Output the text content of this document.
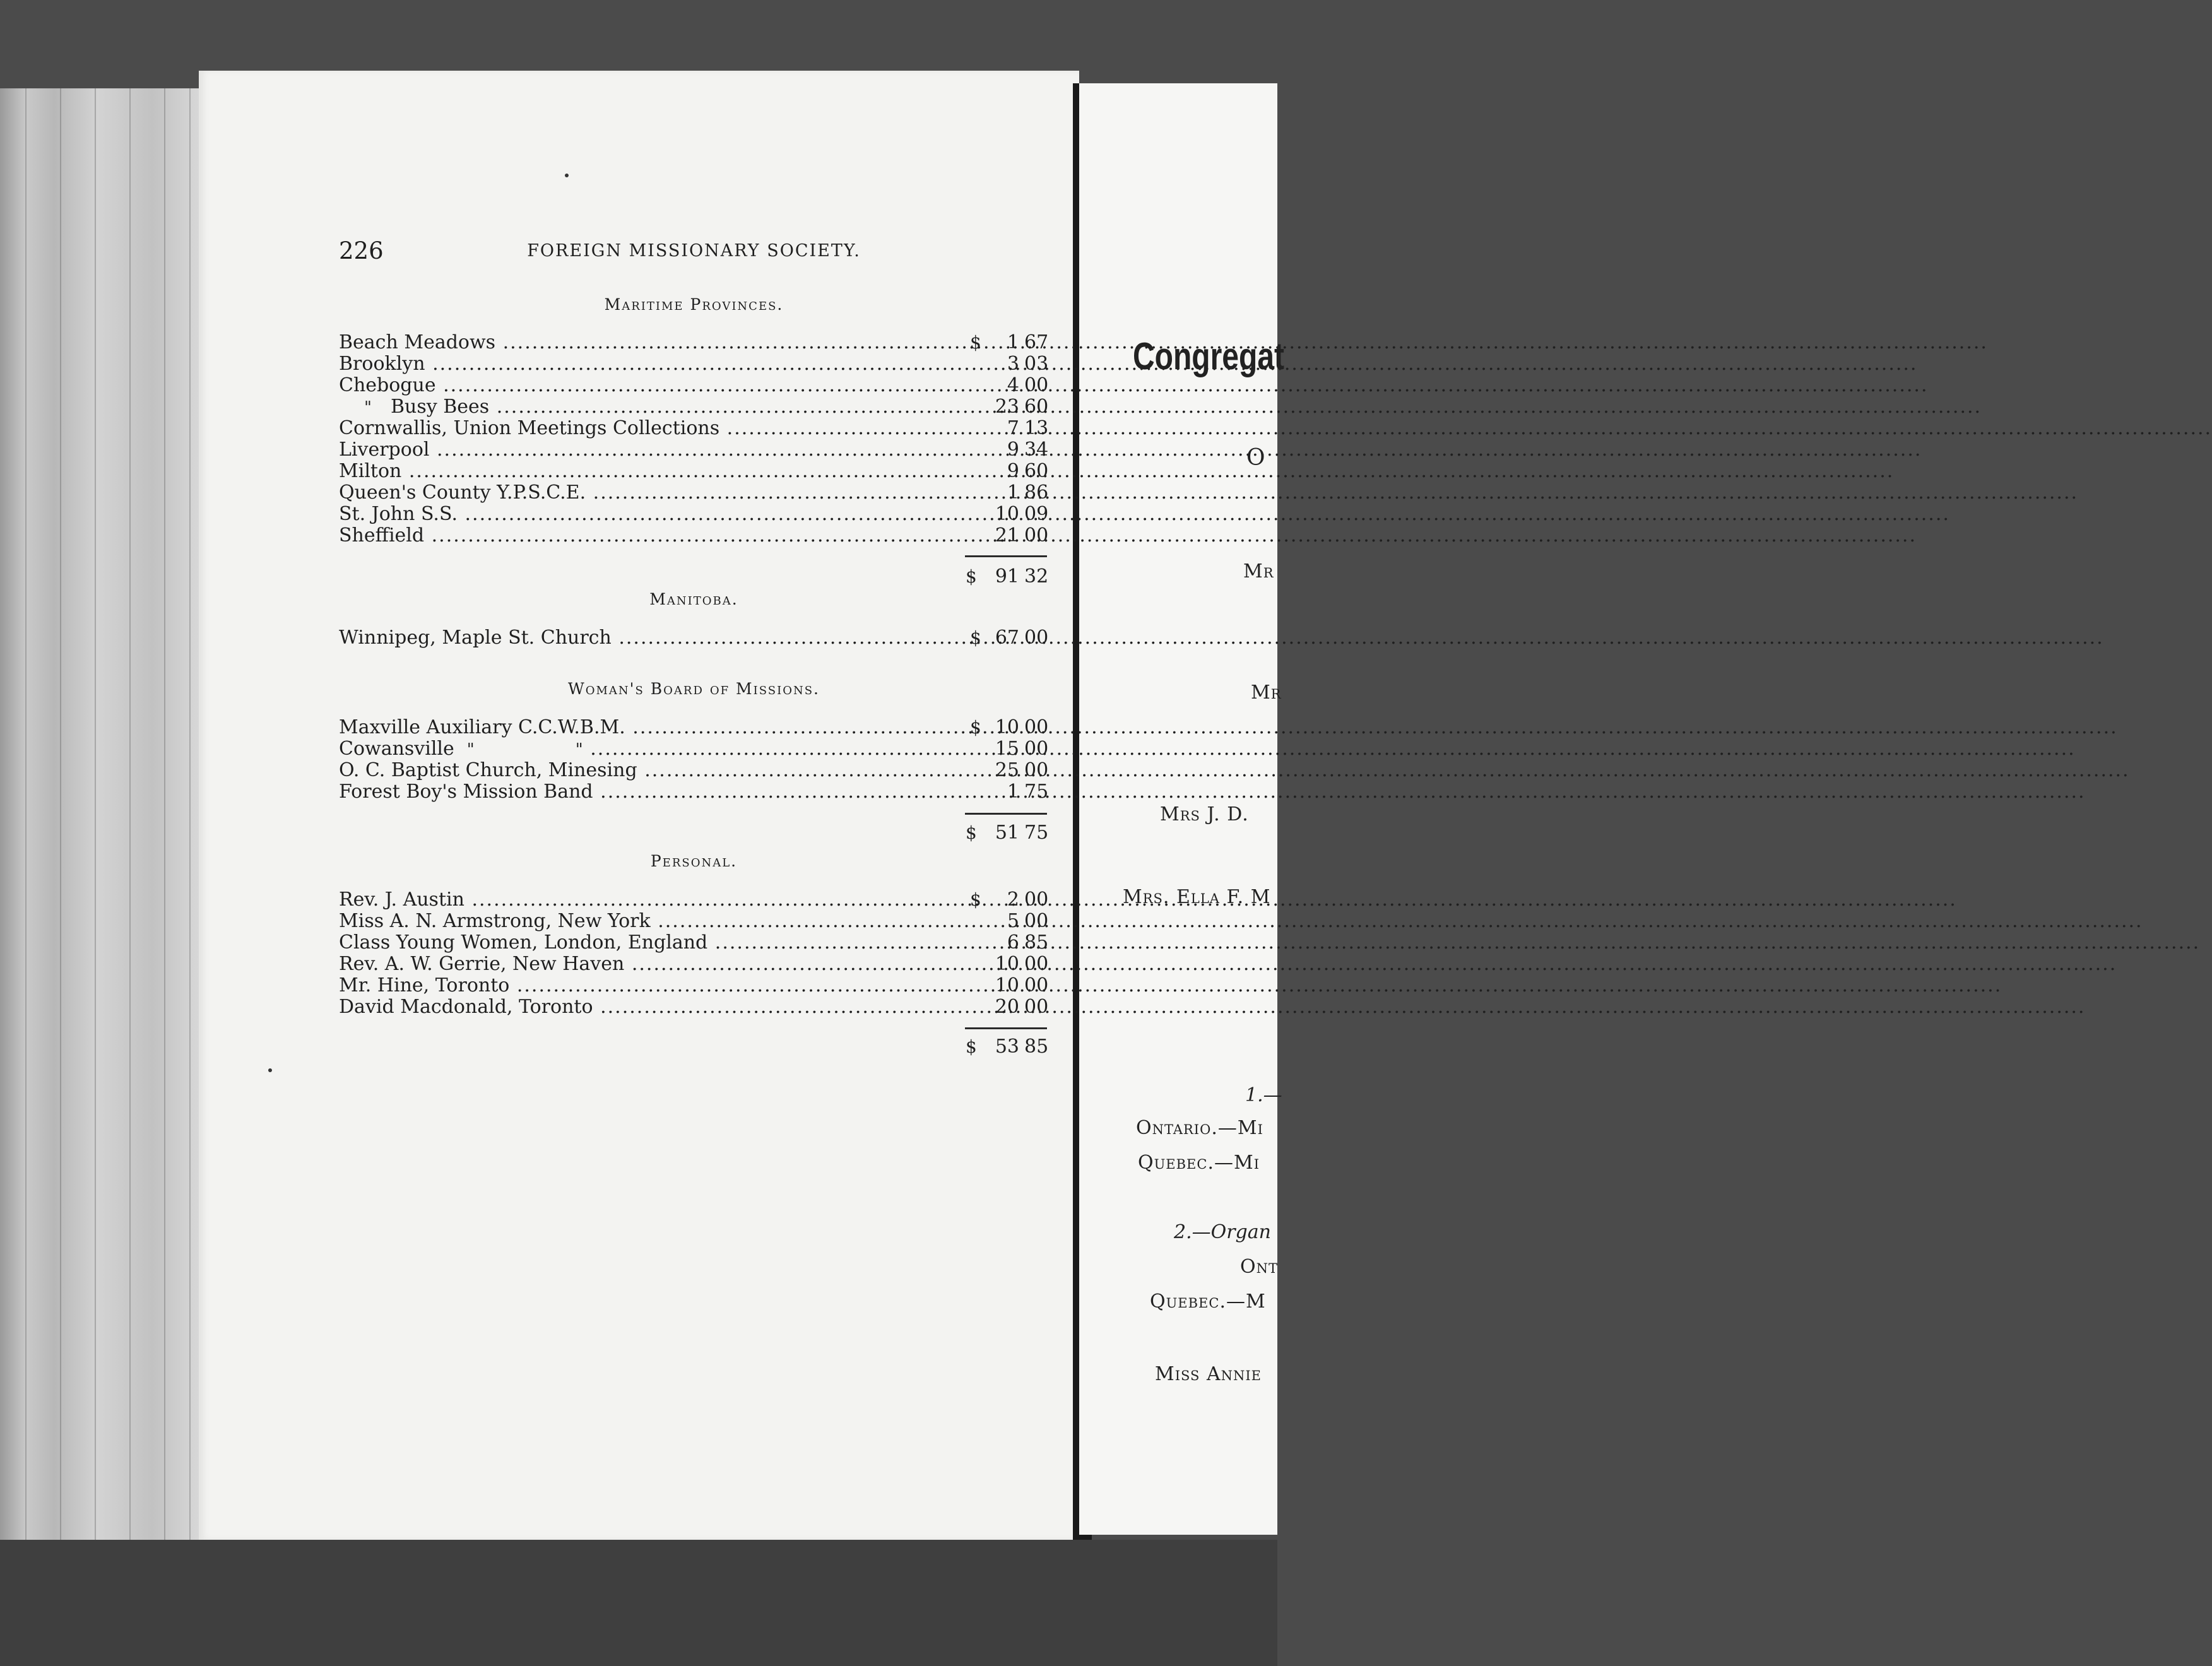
226	FOREIGN MISSIONARY SOCIETY.
Maritime Provinces.
Beach Meadows .....	$	1 67
Brooklyn .....	3 03
Chebogue .....	4 00
" Busy Bees .....	23 60
Cornwallis, Union Meetings Collections .....	7 13
Liverpool .....	9 34
Milton .....	9 60
Queen's County Y.P.S.C.E. .....	1 86
St. John S.S. .....	10 09
Sheffield .....	21 00
$ 91 32
Manitoba.
Winnipeg, Maple St. Church .....	$ 67 00
Woman's Board of Missions.
Maxville Auxiliary C.C.W.B.M. .....	$ 10 00
Cowansville "	" .....	15 00
O. C. Baptist Church, Minesing .....	25 00
Forest Boy's Mission Band .....	1 75
$ 51 75
Personal.
Rev. J. Austin .....	$	2 00
Miss A. N. Armstrong, New York .....	5 00
Class Young Women, London, England .....	6 85
Rev. A. W. Gerrie, New Haven .....	10 00
Mr. Hine, Toronto .....	10 00
David Macdonald, Toronto .....	20 00
$ 53 85
Congregat
O
Mr
Mr
Mrs J. D.
Mrs. Ella F. M
1.—
Ontario.—Mi
Quebec.—Mi
2.—Organ
Ont
Quebec.—M
Miss Annie
